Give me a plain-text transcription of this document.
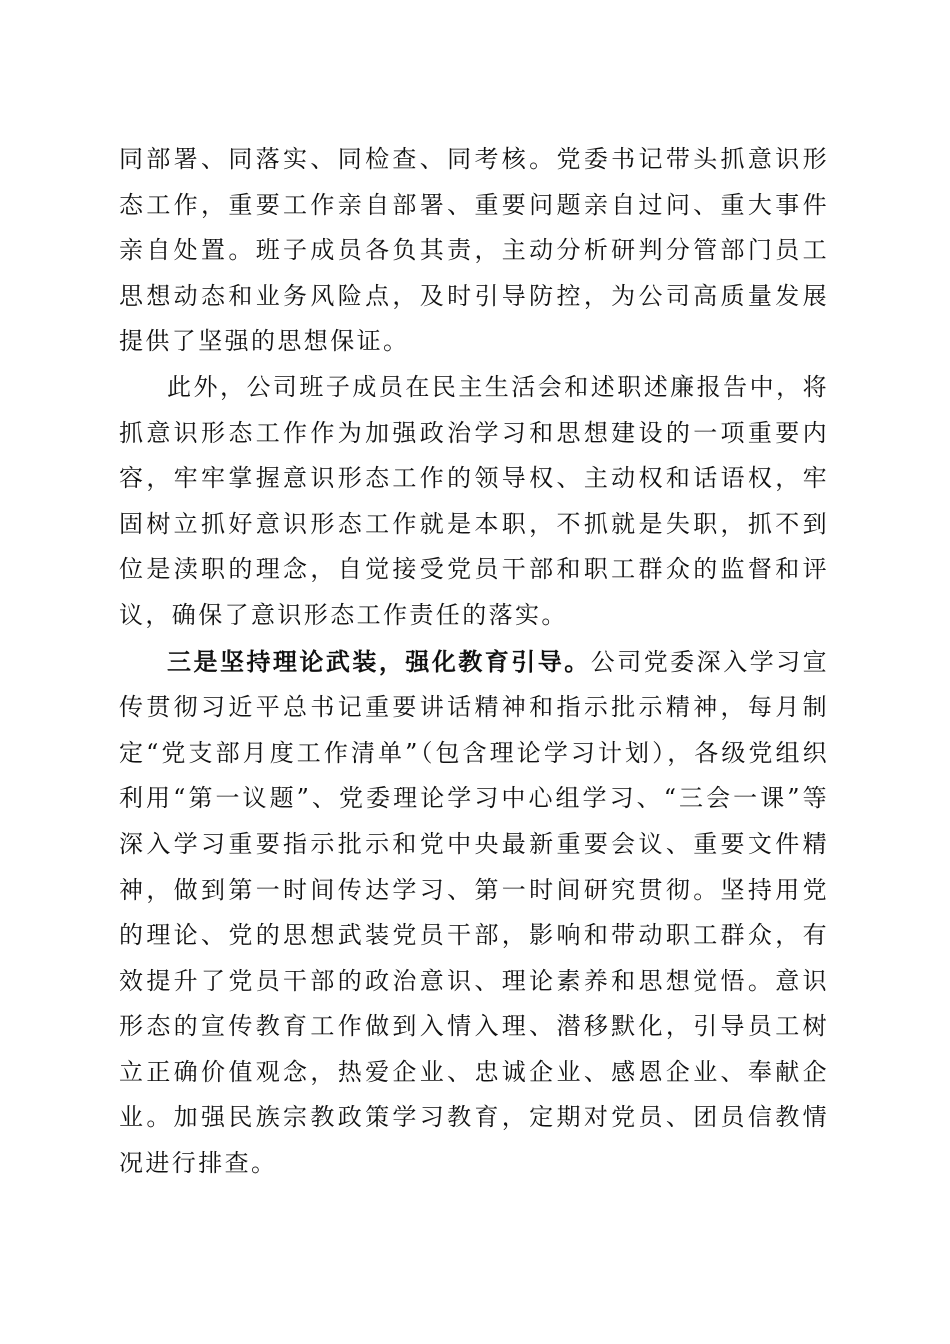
同部署、同落实、同检查、同考核。党委书记带头抓意识形态工作，重要工作亲自部署、重要问题亲自过问、重大事件亲自处置。班子成员各负其责，主动分析研判分管部门员工思想动态和业务风险点，及时引导防控，为公司高质量发展提供了坚强的思想保证。

此外，公司班子成员在民主生活会和述职述廉报告中，将抓意识形态工作作为加强政治学习和思想建设的一项重要内容，牢牢掌握意识形态工作的领导权、主动权和话语权，牢固树立抓好意识形态工作就是本职，不抓就是失职，抓不到位是渎职的理念，自觉接受党员干部和职工群众的监督和评议，确保了意识形态工作责任的落实。

三是坚持理论武装，强化教育引导。公司党委深入学习宣传贯彻习近平总书记重要讲话精神和指示批示精神，每月制定“党支部月度工作清单”（包含理论学习计划），各级党组织利用“第一议题”、党委理论学习中心组学习、“三会一课”等深入学习重要指示批示和党中央最新重要会议、重要文件精神，做到第一时间传达学习、第一时间研究贯彻。坚持用党的理论、党的思想武装党员干部，影响和带动职工群众，有效提升了党员干部的政治意识、理论素养和思想觉悟。意识形态的宣传教育工作做到入情入理、潜移默化，引导员工树立正确价值观念，热爱企业、忠诚企业、感恩企业、奉献企业。加强民族宗教政策学习教育，定期对党员、团员信教情况进行排查。
